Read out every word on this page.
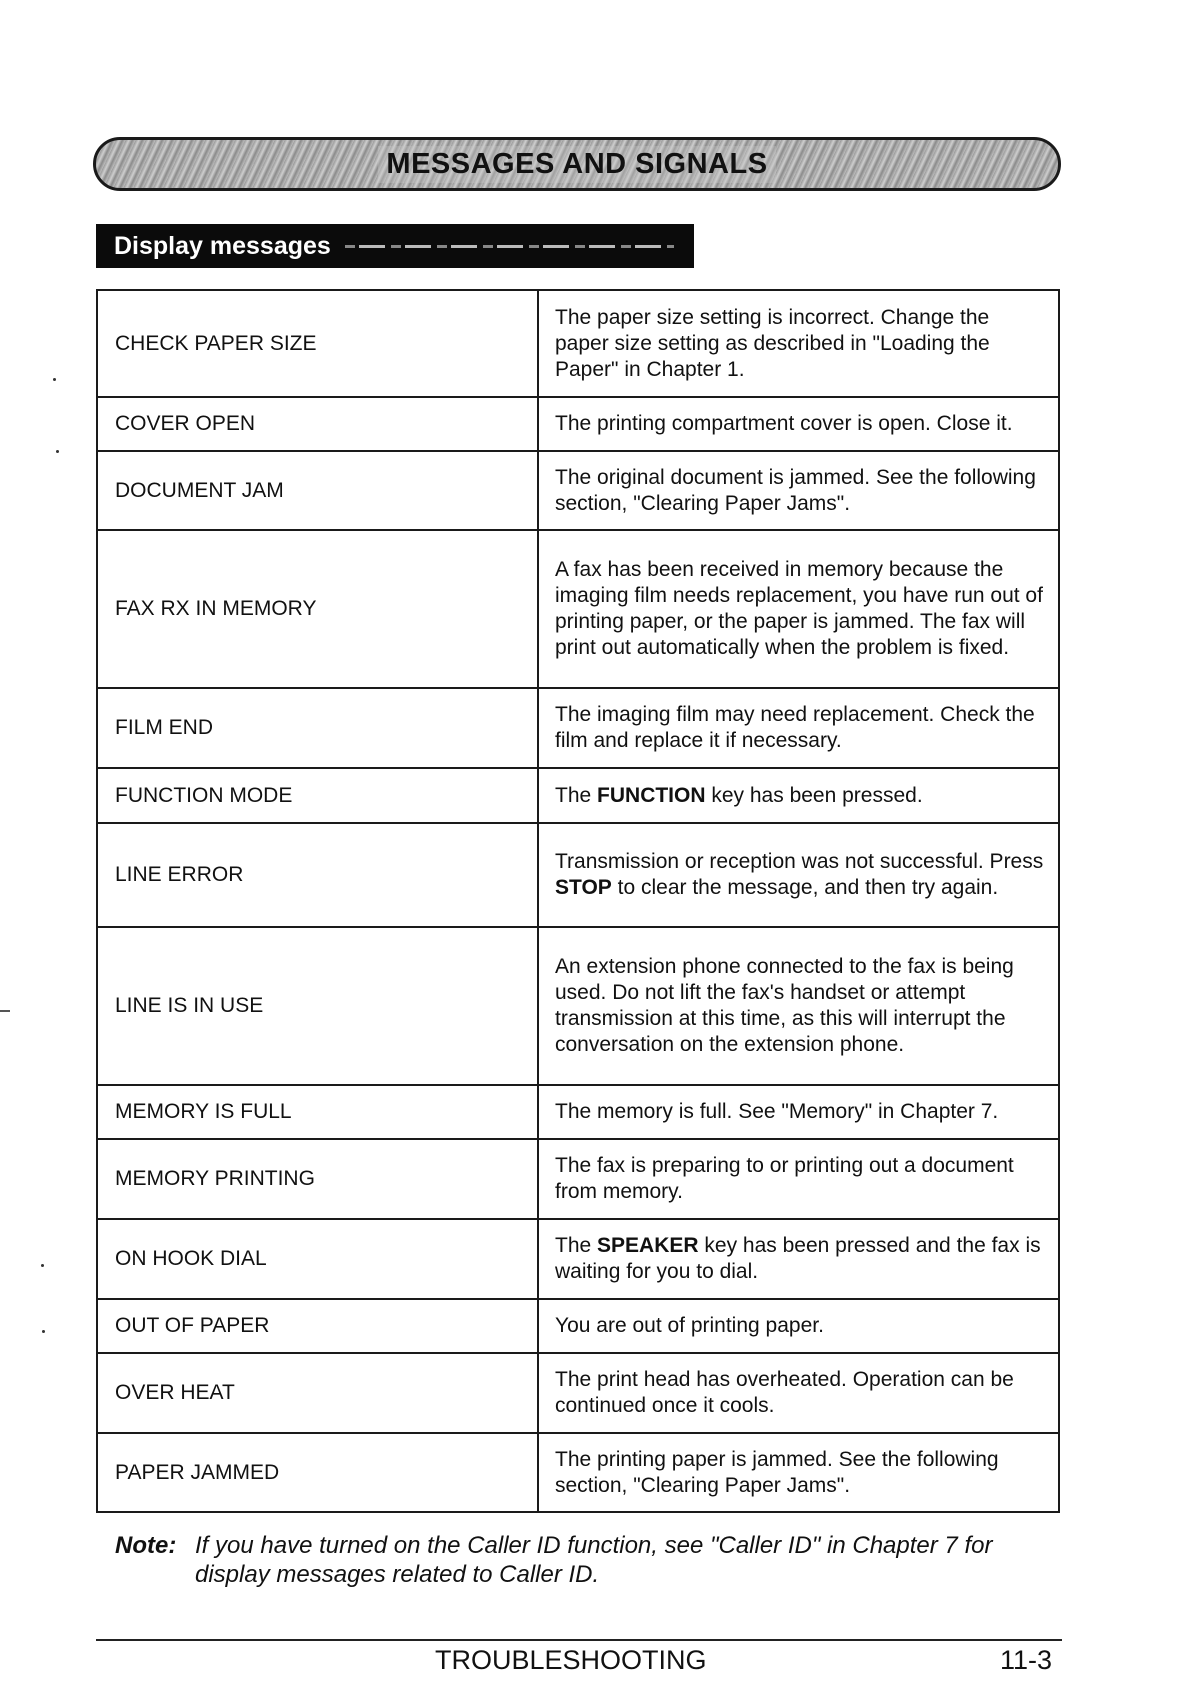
MESSAGES AND SIGNALS
Display messages
CHECK PAPER SIZE	The paper size setting is incorrect. Change the paper size setting as described in "Loading the Paper" in Chapter 1.
COVER OPEN	The printing compartment cover is open. Close it.
DOCUMENT JAM	The original document is jammed. See the following section, "Clearing Paper Jams".
FAX RX IN MEMORY	A fax has been received in memory because the imaging film needs replacement, you have run out of printing paper, or the paper is jammed. The fax will print out automatically when the problem is fixed.
FILM END	The imaging film may need replacement. Check the film and replace it if necessary.
FUNCTION MODE	The FUNCTION key has been pressed.
LINE ERROR	Transmission or reception was not successful. Press STOP to clear the message, and then try again.
LINE IS IN USE	An extension phone connected to the fax is being used. Do not lift the fax's handset or attempt transmission at this time, as this will interrupt the conversation on the extension phone.
MEMORY IS FULL	The memory is full. See "Memory" in Chapter 7.
MEMORY PRINTING	The fax is preparing to or printing out a document from memory.
ON HOOK DIAL	The SPEAKER key has been pressed and the fax is waiting for you to dial.
OUT OF PAPER	You are out of printing paper.
OVER HEAT	The print head has overheated. Operation can be continued once it cools.
PAPER JAMMED	The printing paper is jammed. See the following section, "Clearing Paper Jams".
Note: If you have turned on the Caller ID function, see "Caller ID" in Chapter 7 for display messages related to Caller ID.
TROUBLESHOOTING	11-3
